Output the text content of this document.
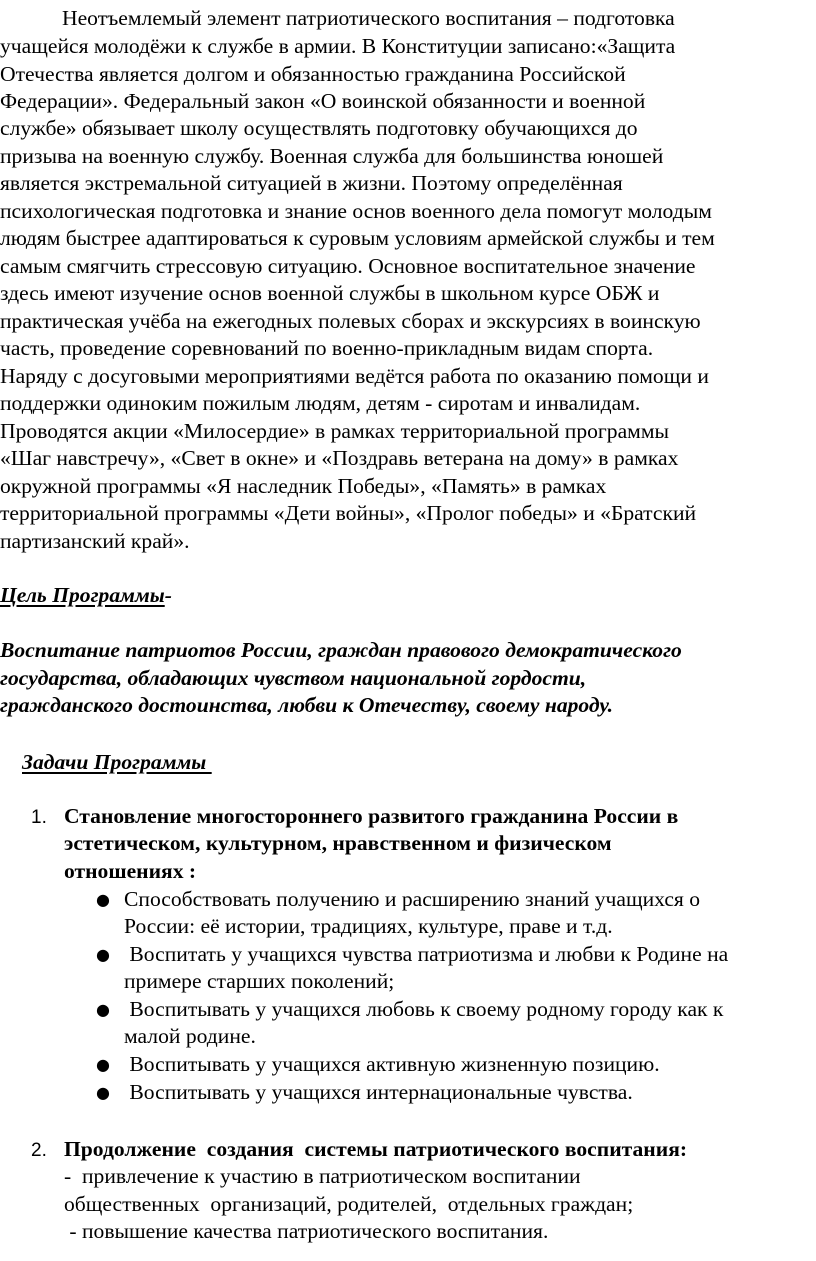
Неотъемлемый элемент патриотического воспитания – подготовка
учащейся молодёжи к службе в армии. В Конституции записано:«Защита
Отечества является долгом и обязанностью гражданина Российской
Федерации». Федеральный закон «О воинской обязанности и военной
службе» обязывает школу осуществлять подготовку обучающихся до
призыва на военную службу. Военная служба для большинства юношей
является экстремальной ситуацией в жизни. Поэтому определённая
психологическая подготовка и знание основ военного дела помогут молодым
людям быстрее адаптироваться к суровым условиям армейской службы и тем
самым смягчить стрессовую ситуацию. Основное воспитательное значение
здесь имеют изучение основ военной службы в школьном курсе ОБЖ и
практическая учёба на ежегодных полевых сборах и экскурсиях в воинскую
часть, проведение соревнований по военно-прикладным видам спорта.
Наряду с досуговыми мероприятиями ведётся работа по оказанию помощи и
поддержки одиноким пожилым людям, детям - сиротам и инвалидам.
Проводятся акции «Милосердие» в рамках территориальной программы
«Шаг навстречу», «Свет в окне» и «Поздравь ветерана на дому» в рамках
окружной программы «Я наследник Победы», «Память» в рамках
территориальной программы «Дети войны», «Пролог победы» и «Братский
партизанский край».
Цель Программы-
Воспитание патриотов России, граждан правового демократического
государства, обладающих чувством национальной гордости,
гражданского достоинства, любви к Отечеству, своему народу.
Задачи Программы
1. Становление многостороннего развитого гражданина России в
эстетическом, культурном, нравственном и физическом
отношениях :
● Способствовать получению и расширению знаний учащихся о
России: её истории, традициях, культуре, праве и т.д.
● Воспитать у учащихся чувства патриотизма и любви к Родине на
примере старших поколений;
● Воспитывать у учащихся любовь к своему родному городу как к
малой родине.
● Воспитывать у учащихся активную жизненную позицию.
● Воспитывать у учащихся интернациональные чувства.
2. Продолжение  создания  системы патриотического воспитания:
-  привлечение к участию в патриотическом воспитании
общественных  организаций, родителей,  отдельных граждан;
- повышение качества патриотического воспитания.
